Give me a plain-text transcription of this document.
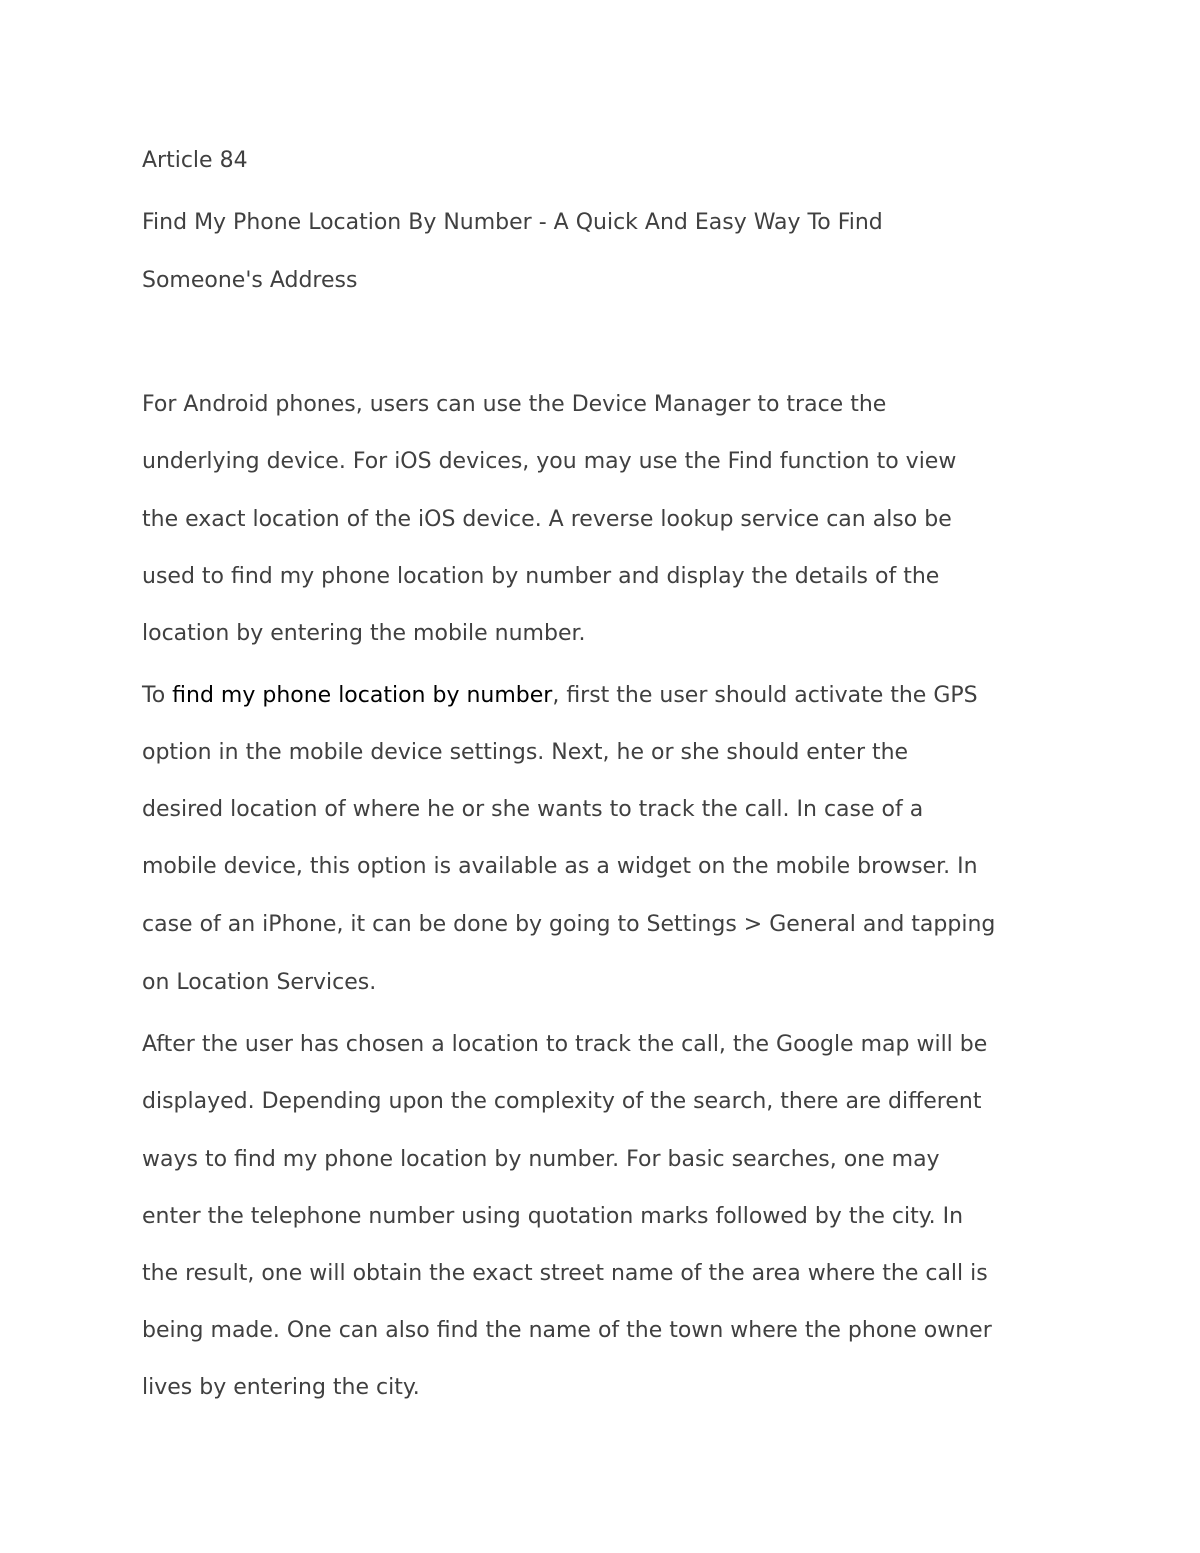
Article 84

Find My Phone Location By Number - A Quick And Easy Way To Find

Someone's Address

For Android phones, users can use the Device Manager to trace the

underlying device. For iOS devices, you may use the Find function to view

the exact location of the iOS device. A reverse lookup service can also be

used to find my phone location by number and display the details of the

location by entering the mobile number.

To find my phone location by number, first the user should activate the GPS

option in the mobile device settings. Next, he or she should enter the

desired location of where he or she wants to track the call. In case of a

mobile device, this option is available as a widget on the mobile browser. In

case of an iPhone, it can be done by going to Settings > General and tapping

on Location Services.

After the user has chosen a location to track the call, the Google map will be

displayed. Depending upon the complexity of the search, there are different

ways to find my phone location by number. For basic searches, one may

enter the telephone number using quotation marks followed by the city. In

the result, one will obtain the exact street name of the area where the call is

being made. One can also find the name of the town where the phone owner

lives by entering the city.
